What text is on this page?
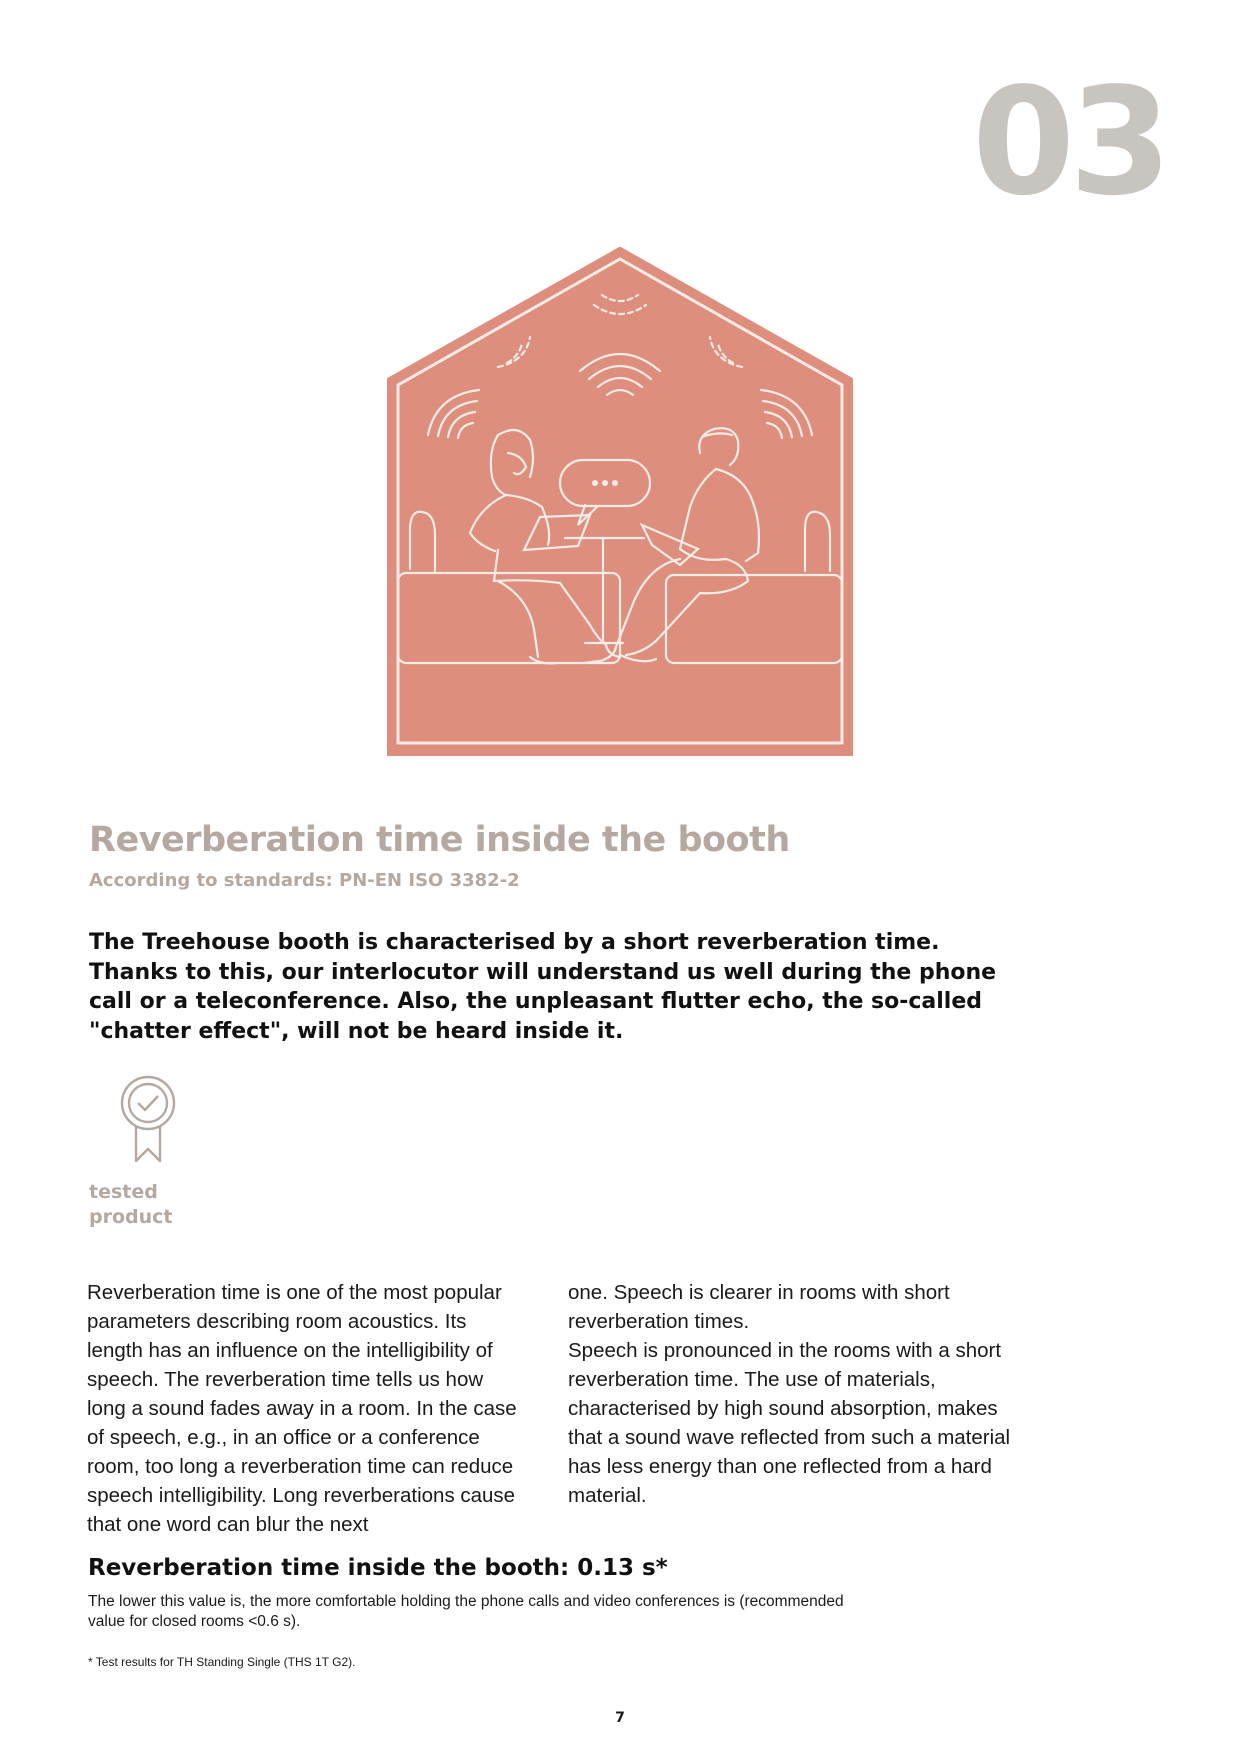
03
Reverberation time inside the booth
According to standards: PN-EN ISO 3382-2

The Treehouse booth is characterised by a short reverberation time. Thanks to this, our interlocutor will understand us well during the phone call or a teleconference. Also, the unpleasant flutter echo, the so-called "chatter effect", will not be heard inside it.

tested
product

Reverberation time is one of the most popular parameters describing room acoustics. Its length has an influence on the intelligibility of speech. The reverberation time tells us how long a sound fades away in a room. In the case of speech, e.g., in an office or a conference room, too long a reverberation time can reduce speech intelligibility. Long reverberations cause that one word can blur the next

one. Speech is clearer in rooms with short reverberation times.
Speech is pronounced in the rooms with a short reverberation time. The use of materials, characterised by high sound absorption, makes that a sound wave reflected from such a material has less energy than one reflected from a hard material.
Reverberation time inside the booth: 0.13 s*

The lower this value is, the more comfortable holding the phone calls and video conferences is (recommended value for closed rooms <0.6 s).

* Test results for TH Standing Single (THS 1T G2).

7
